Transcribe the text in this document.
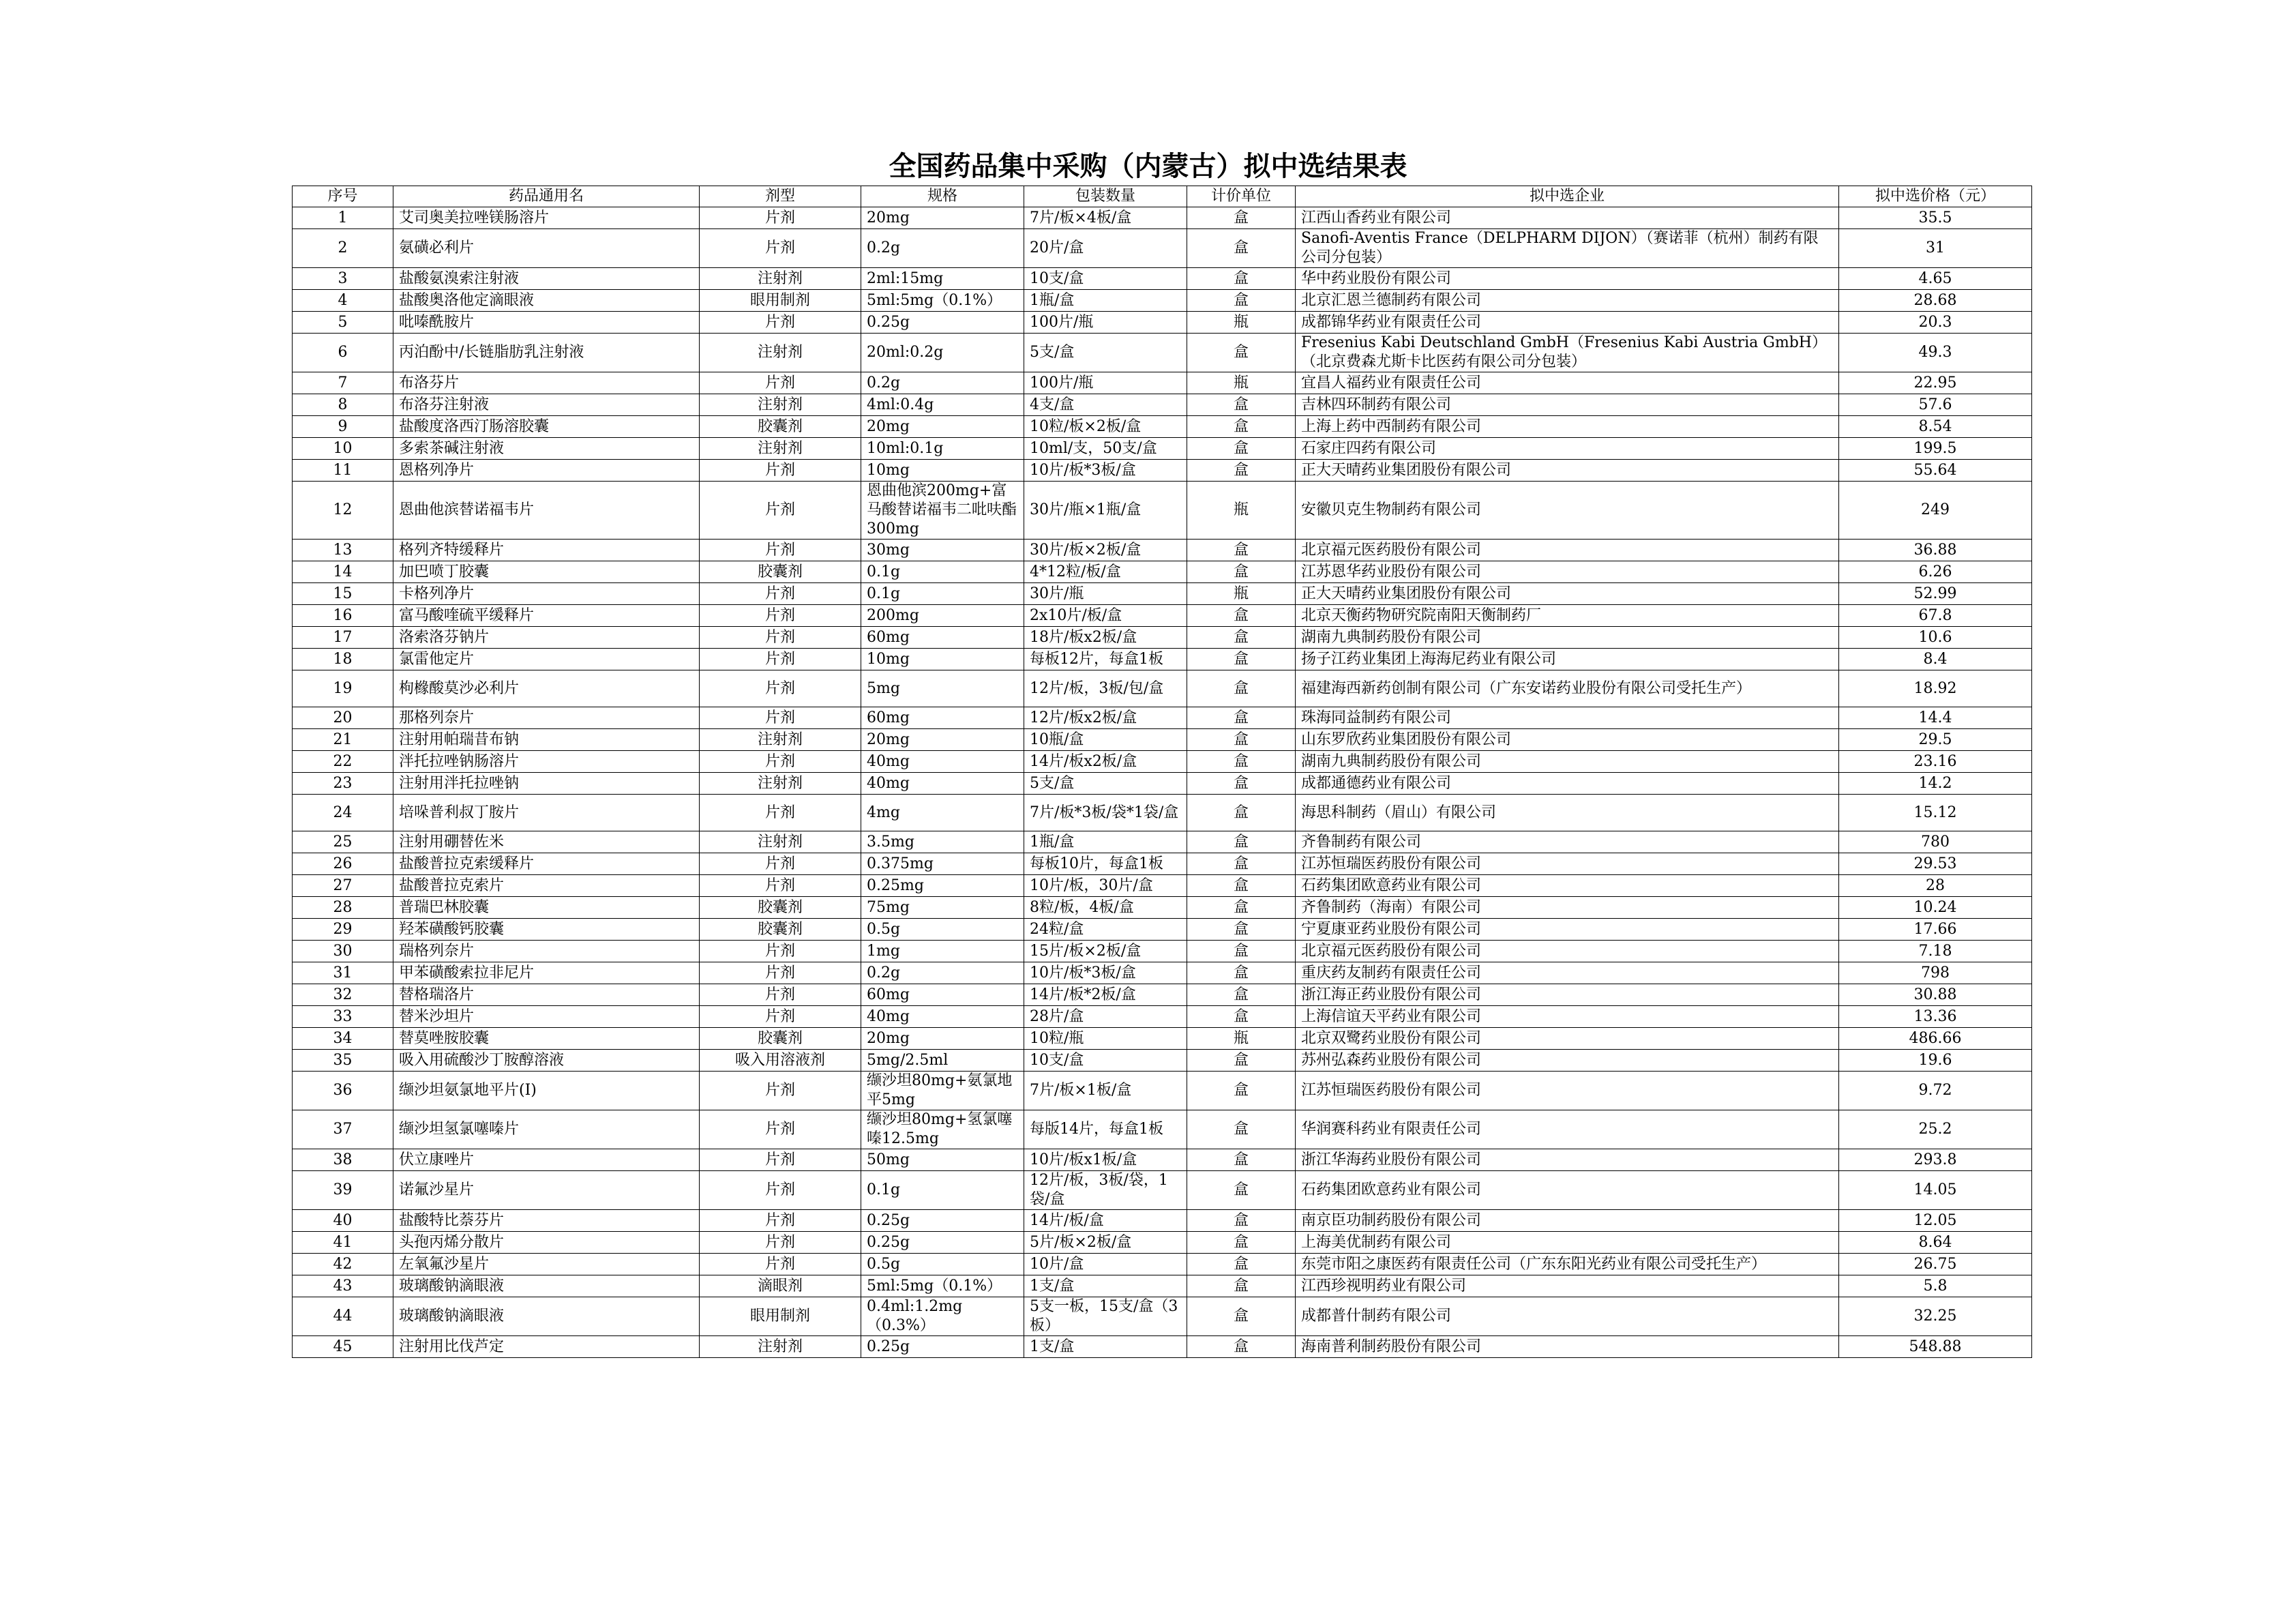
全国药品集中采购（内蒙古）拟中选结果表
序号	药品通用名	剂型	规格	包装数量	计价单位	拟中选企业	拟中选价格（元）
1	艾司奥美拉唑镁肠溶片	片剂	20mg	7片/板×4板/盒	盒	江西山香药业有限公司	35.5
2	氨磺必利片	片剂	0.2g	20片/盒	盒	Sanofi-Aventis France（DELPHARM DIJON）（赛诺菲（杭州）制药有限公司分包装）	31
3	盐酸氨溴索注射液	注射剂	2ml:15mg	10支/盒	盒	华中药业股份有限公司	4.65
4	盐酸奥洛他定滴眼液	眼用制剂	5ml:5mg（0.1%）	1瓶/盒	盒	北京汇恩兰德制药有限公司	28.68
5	吡嗪酰胺片	片剂	0.25g	100片/瓶	瓶	成都锦华药业有限责任公司	20.3
6	丙泊酚中/长链脂肪乳注射液	注射剂	20ml:0.2g	5支/盒	盒	Fresenius Kabi Deutschland GmbH（Fresenius Kabi Austria GmbH）（北京费森尤斯卡比医药有限公司分包装）	49.3
7	布洛芬片	片剂	0.2g	100片/瓶	瓶	宜昌人福药业有限责任公司	22.95
8	布洛芬注射液	注射剂	4ml:0.4g	4支/盒	盒	吉林四环制药有限公司	57.6
9	盐酸度洛西汀肠溶胶囊	胶囊剂	20mg	10粒/板×2板/盒	盒	上海上药中西制药有限公司	8.54
10	多索茶碱注射液	注射剂	10ml:0.1g	10ml/支，50支/盒	盒	石家庄四药有限公司	199.5
11	恩格列净片	片剂	10mg	10片/板*3板/盒	盒	正大天晴药业集团股份有限公司	55.64
12	恩曲他滨替诺福韦片	片剂	恩曲他滨200mg+富马酸替诺福韦二吡呋酯300mg	30片/瓶×1瓶/盒	瓶	安徽贝克生物制药有限公司	249
13	格列齐特缓释片	片剂	30mg	30片/板×2板/盒	盒	北京福元医药股份有限公司	36.88
14	加巴喷丁胶囊	胶囊剂	0.1g	4*12粒/板/盒	盒	江苏恩华药业股份有限公司	6.26
15	卡格列净片	片剂	0.1g	30片/瓶	瓶	正大天晴药业集团股份有限公司	52.99
16	富马酸喹硫平缓释片	片剂	200mg	2x10片/板/盒	盒	北京天衡药物研究院南阳天衡制药厂	67.8
17	洛索洛芬钠片	片剂	60mg	18片/板x2板/盒	盒	湖南九典制药股份有限公司	10.6
18	氯雷他定片	片剂	10mg	每板12片，每盒1板	盒	扬子江药业集团上海海尼药业有限公司	8.4
19	枸橼酸莫沙必利片	片剂	5mg	12片/板，3板/包/盒	盒	福建海西新药创制有限公司（广东安诺药业股份有限公司受托生产）	18.92
20	那格列奈片	片剂	60mg	12片/板x2板/盒	盒	珠海同益制药有限公司	14.4
21	注射用帕瑞昔布钠	注射剂	20mg	10瓶/盒	盒	山东罗欣药业集团股份有限公司	29.5
22	泮托拉唑钠肠溶片	片剂	40mg	14片/板x2板/盒	盒	湖南九典制药股份有限公司	23.16
23	注射用泮托拉唑钠	注射剂	40mg	5支/盒	盒	成都通德药业有限公司	14.2
24	培哚普利叔丁胺片	片剂	4mg	7片/板*3板/袋*1袋/盒	盒	海思科制药（眉山）有限公司	15.12
25	注射用硼替佐米	注射剂	3.5mg	1瓶/盒	盒	齐鲁制药有限公司	780
26	盐酸普拉克索缓释片	片剂	0.375mg	每板10片，每盒1板	盒	江苏恒瑞医药股份有限公司	29.53
27	盐酸普拉克索片	片剂	0.25mg	10片/板，30片/盒	盒	石药集团欧意药业有限公司	28
28	普瑞巴林胶囊	胶囊剂	75mg	8粒/板，4板/盒	盒	齐鲁制药（海南）有限公司	10.24
29	羟苯磺酸钙胶囊	胶囊剂	0.5g	24粒/盒	盒	宁夏康亚药业股份有限公司	17.66
30	瑞格列奈片	片剂	1mg	15片/板×2板/盒	盒	北京福元医药股份有限公司	7.18
31	甲苯磺酸索拉非尼片	片剂	0.2g	10片/板*3板/盒	盒	重庆药友制药有限责任公司	798
32	替格瑞洛片	片剂	60mg	14片/板*2板/盒	盒	浙江海正药业股份有限公司	30.88
33	替米沙坦片	片剂	40mg	28片/盒	盒	上海信谊天平药业有限公司	13.36
34	替莫唑胺胶囊	胶囊剂	20mg	10粒/瓶	瓶	北京双鹭药业股份有限公司	486.66
35	吸入用硫酸沙丁胺醇溶液	吸入用溶液剂	5mg/2.5ml	10支/盒	盒	苏州弘森药业股份有限公司	19.6
36	缬沙坦氨氯地平片(Ⅰ)	片剂	缬沙坦80mg+氨氯地平5mg	7片/板×1板/盒	盒	江苏恒瑞医药股份有限公司	9.72
37	缬沙坦氢氯噻嗪片	片剂	缬沙坦80mg+氢氯噻嗪12.5mg	每版14片，每盒1板	盒	华润赛科药业有限责任公司	25.2
38	伏立康唑片	片剂	50mg	10片/板x1板/盒	盒	浙江华海药业股份有限公司	293.8
39	诺氟沙星片	片剂	0.1g	12片/板，3板/袋，1袋/盒	盒	石药集团欧意药业有限公司	14.05
40	盐酸特比萘芬片	片剂	0.25g	14片/板/盒	盒	南京臣功制药股份有限公司	12.05
41	头孢丙烯分散片	片剂	0.25g	5片/板×2板/盒	盒	上海美优制药有限公司	8.64
42	左氧氟沙星片	片剂	0.5g	10片/盒	盒	东莞市阳之康医药有限责任公司（广东东阳光药业有限公司受托生产）	26.75
43	玻璃酸钠滴眼液	滴眼剂	5ml:5mg（0.1%）	1支/盒	盒	江西珍视明药业有限公司	5.8
44	玻璃酸钠滴眼液	眼用制剂	0.4ml:1.2mg（0.3%）	5支一板，15支/盒（3板）	盒	成都普什制药有限公司	32.25
45	注射用比伐芦定	注射剂	0.25g	1支/盒	盒	海南普利制药股份有限公司	548.88
